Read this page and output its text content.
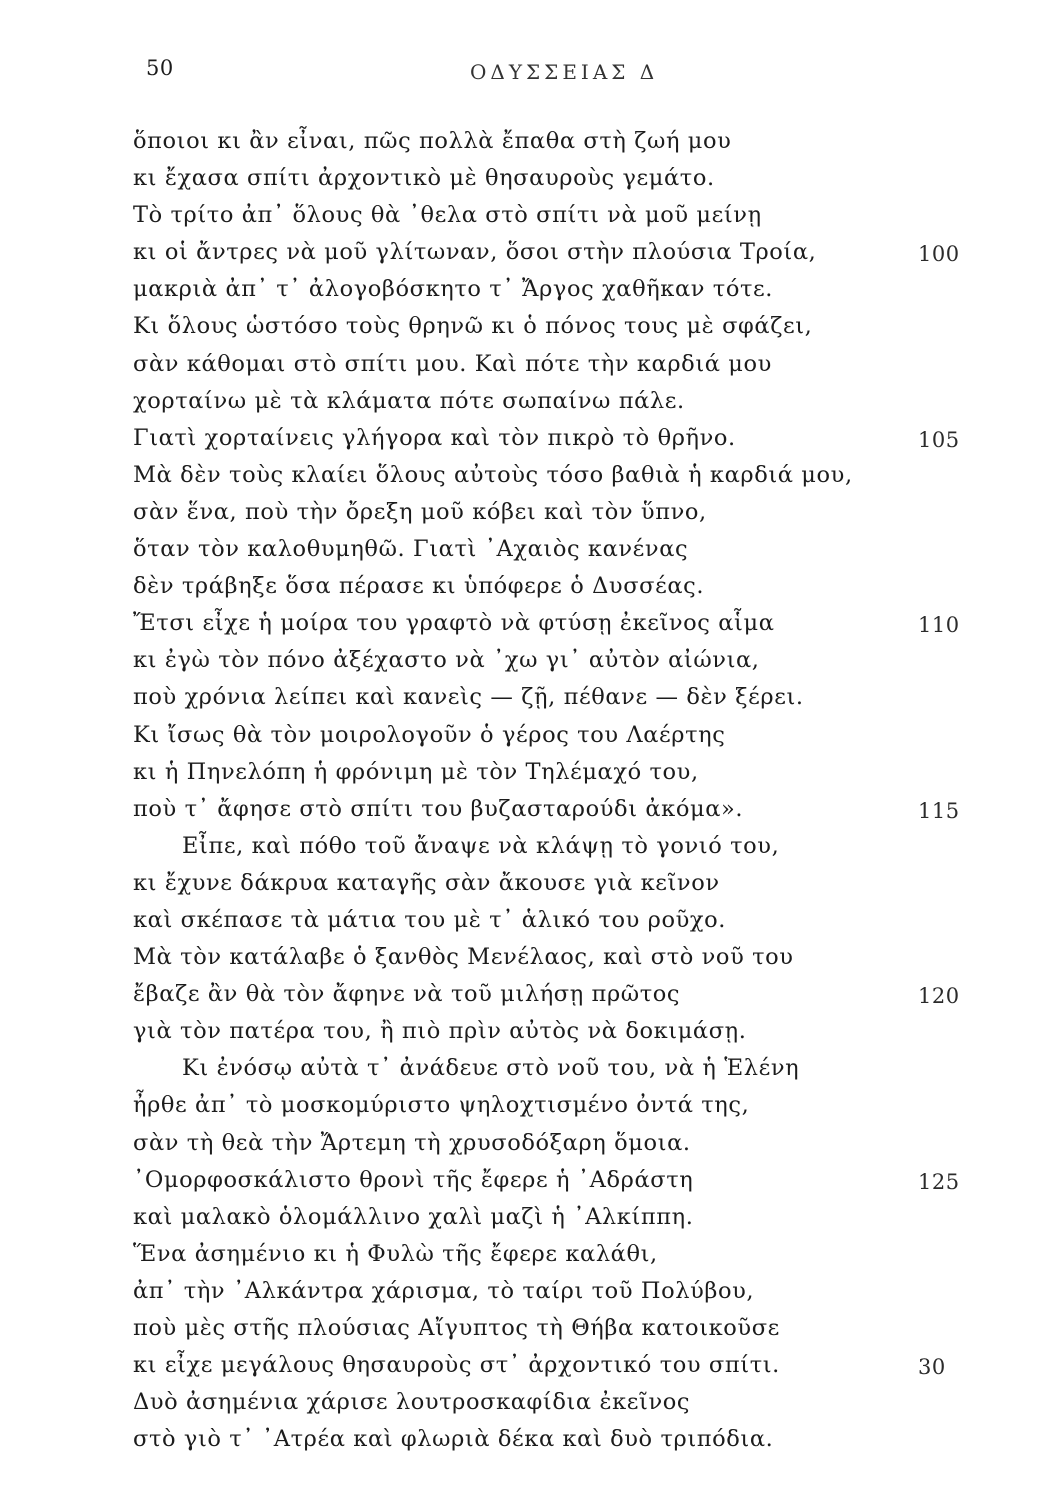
50	ΟΔΥΣΣΕΙΑΣ Δ
ὅποιοι κι ἂν εἶναι, πῶς πολλὰ ἔπαθα στὴ ζωή μου
κι ἔχασα σπίτι ἀρχοντικὸ μὲ θησαυροὺς γεμάτο.
Τὸ τρίτο ἀπ᾿ ὅλους θὰ ᾽θελα στὸ σπίτι νὰ μοῦ μείνῃ
κι οἱ ἄντρες νὰ μοῦ γλίτωναν, ὅσοι στὴν πλούσια Τροία,	100
μακριὰ ἀπ᾿ τ᾿ ἀλογοβόσκητο τ᾿ Ἄργος χαθῆκαν τότε.
Κι ὅλους ὡστόσο τοὺς θρηνῶ κι ὁ πόνος τους μὲ σφάζει,
σὰν κάθομαι στὸ σπίτι μου. Καὶ πότε τὴν καρδιά μου
χορταίνω μὲ τὰ κλάματα πότε σωπαίνω πάλε.
Γιατὶ χορταίνεις γλήγορα καὶ τὸν πικρὸ τὸ θρῆνο.	105
Μὰ δὲν τοὺς κλαίει ὅλους αὐτοὺς τόσο βαθιὰ ἡ καρδιά μου,
σὰν ἕνα, ποὺ τὴν ὄρεξη μοῦ κόβει καὶ τὸν ὕπνο,
ὅταν τὸν καλοθυμηθῶ. Γιατὶ ᾽Αχαιὸς κανένας
δὲν τράβηξε ὅσα πέρασε κι ὑπόφερε ὁ Δυσσέας.
Ἔτσι εἶχε ἡ μοίρα του γραφτὸ νὰ φτύσῃ ἐκεῖνος αἷμα	110
κι ἐγὼ τὸν πόνο ἀξέχαστο νὰ ᾽χω γι᾿ αὐτὸν αἰώνια,
ποὺ χρόνια λείπει καὶ κανεὶς — ζῇ, πέθανε — δὲν ξέρει.
Κι ἴσως θὰ τὸν μοιρολογοῦν ὁ γέρος του Λαέρτης
κι ἡ Πηνελόπη ἡ φρόνιμη μὲ τὸν Τηλέμαχό του,
ποὺ τ᾿ ἄφησε στὸ σπίτι του βυζασταρούδι ἀκόμα».	115
Εἶπε, καὶ πόθο τοῦ ἄναψε νὰ κλάψῃ τὸ γονιό του,
κι ἔχυνε δάκρυα καταγῆς σὰν ἄκουσε γιὰ κεῖνον
καὶ σκέπασε τὰ μάτια του μὲ τ᾿ ἁλικό του ροῦχο.
Μὰ τὸν κατάλαβε ὁ ξανθὸς Μενέλαος, καὶ στὸ νοῦ του
ἔβαζε ἂν θὰ τὸν ἄφηνε νὰ τοῦ μιλήσῃ πρῶτος	120
γιὰ τὸν πατέρα του, ἢ πιὸ πρὶν αὐτὸς νὰ δοκιμάσῃ.
Κι ἐνόσῳ αὐτὰ τ᾿ ἀνάδευε στὸ νοῦ του, νὰ ἡ Ἑλένη
ἦρθε ἀπ᾿ τὸ μοσκομύριστο ψηλοχτισμένο ὀντά της,
σὰν τὴ θεὰ τὴν Ἄρτεμη τὴ χρυσοδόξαρη ὅμοια.
᾽Ομορφοσκάλιστο θρονὶ τῆς ἔφερε ἡ ᾽Αδράστη	125
καὶ μαλακὸ ὁλομάλλινο χαλὶ μαζὶ ἡ ᾽Αλκίππη.
Ἕνα ἀσημένιο κι ἡ Φυλὼ τῆς ἔφερε καλάθι,
ἀπ᾿ τὴν ᾽Αλκάντρα χάρισμα, τὸ ταίρι τοῦ Πολύβου,
ποὺ μὲς στῆς πλούσιας Αἴγυπτος τὴ Θήβα κατοικοῦσε
κι εἶχε μεγάλους θησαυροὺς στ᾿ ἀρχοντικό του σπίτι.	30
Δυὸ ἀσημένια χάρισε λουτροσκαφίδια ἐκεῖνος
στὸ γιὸ τ᾿ ᾽Ατρέα καὶ φλωριὰ δέκα καὶ δυὸ τριπόδια.
